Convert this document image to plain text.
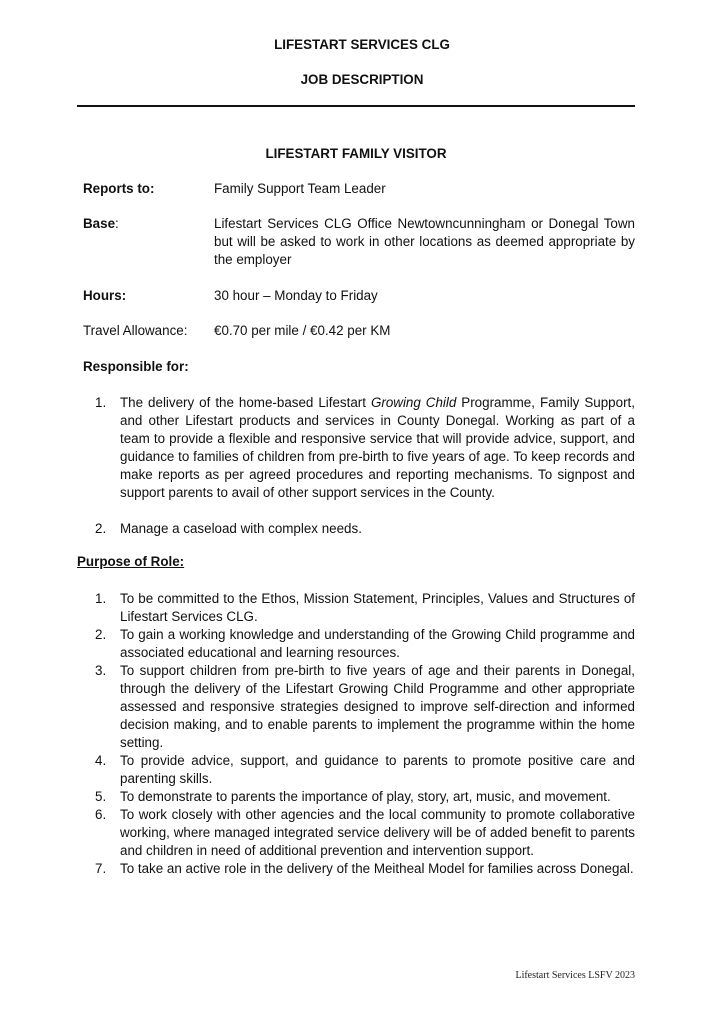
LIFESTART SERVICES CLG
JOB DESCRIPTION
LIFESTART FAMILY VISITOR
Reports to:	Family Support Team Leader
Base:	Lifestart Services CLG Office Newtowncunningham or Donegal Town but will be asked to work in other locations as deemed appropriate by the employer
Hours:	30 hour – Monday to Friday
Travel Allowance:	€0.70 per mile / €0.42 per KM
Responsible for:
1. The delivery of the home-based Lifestart Growing Child Programme, Family Support, and other Lifestart products and services in County Donegal. Working as part of a team to provide a flexible and responsive service that will provide advice, support, and guidance to families of children from pre-birth to five years of age. To keep records and make reports as per agreed procedures and reporting mechanisms. To signpost and support parents to avail of other support services in the County.
2. Manage a caseload with complex needs.
Purpose of Role:
1. To be committed to the Ethos, Mission Statement, Principles, Values and Structures of Lifestart Services CLG.
2. To gain a working knowledge and understanding of the Growing Child programme and associated educational and learning resources.
3. To support children from pre-birth to five years of age and their parents in Donegal, through the delivery of the Lifestart Growing Child Programme and other appropriate assessed and responsive strategies designed to improve self-direction and informed decision making, and to enable parents to implement the programme within the home setting.
4. To provide advice, support, and guidance to parents to promote positive care and parenting skills.
5. To demonstrate to parents the importance of play, story, art, music, and movement.
6. To work closely with other agencies and the local community to promote collaborative working, where managed integrated service delivery will be of added benefit to parents and children in need of additional prevention and intervention support.
7. To take an active role in the delivery of the Meitheal Model for families across Donegal.
Lifestart Services LSFV 2023
